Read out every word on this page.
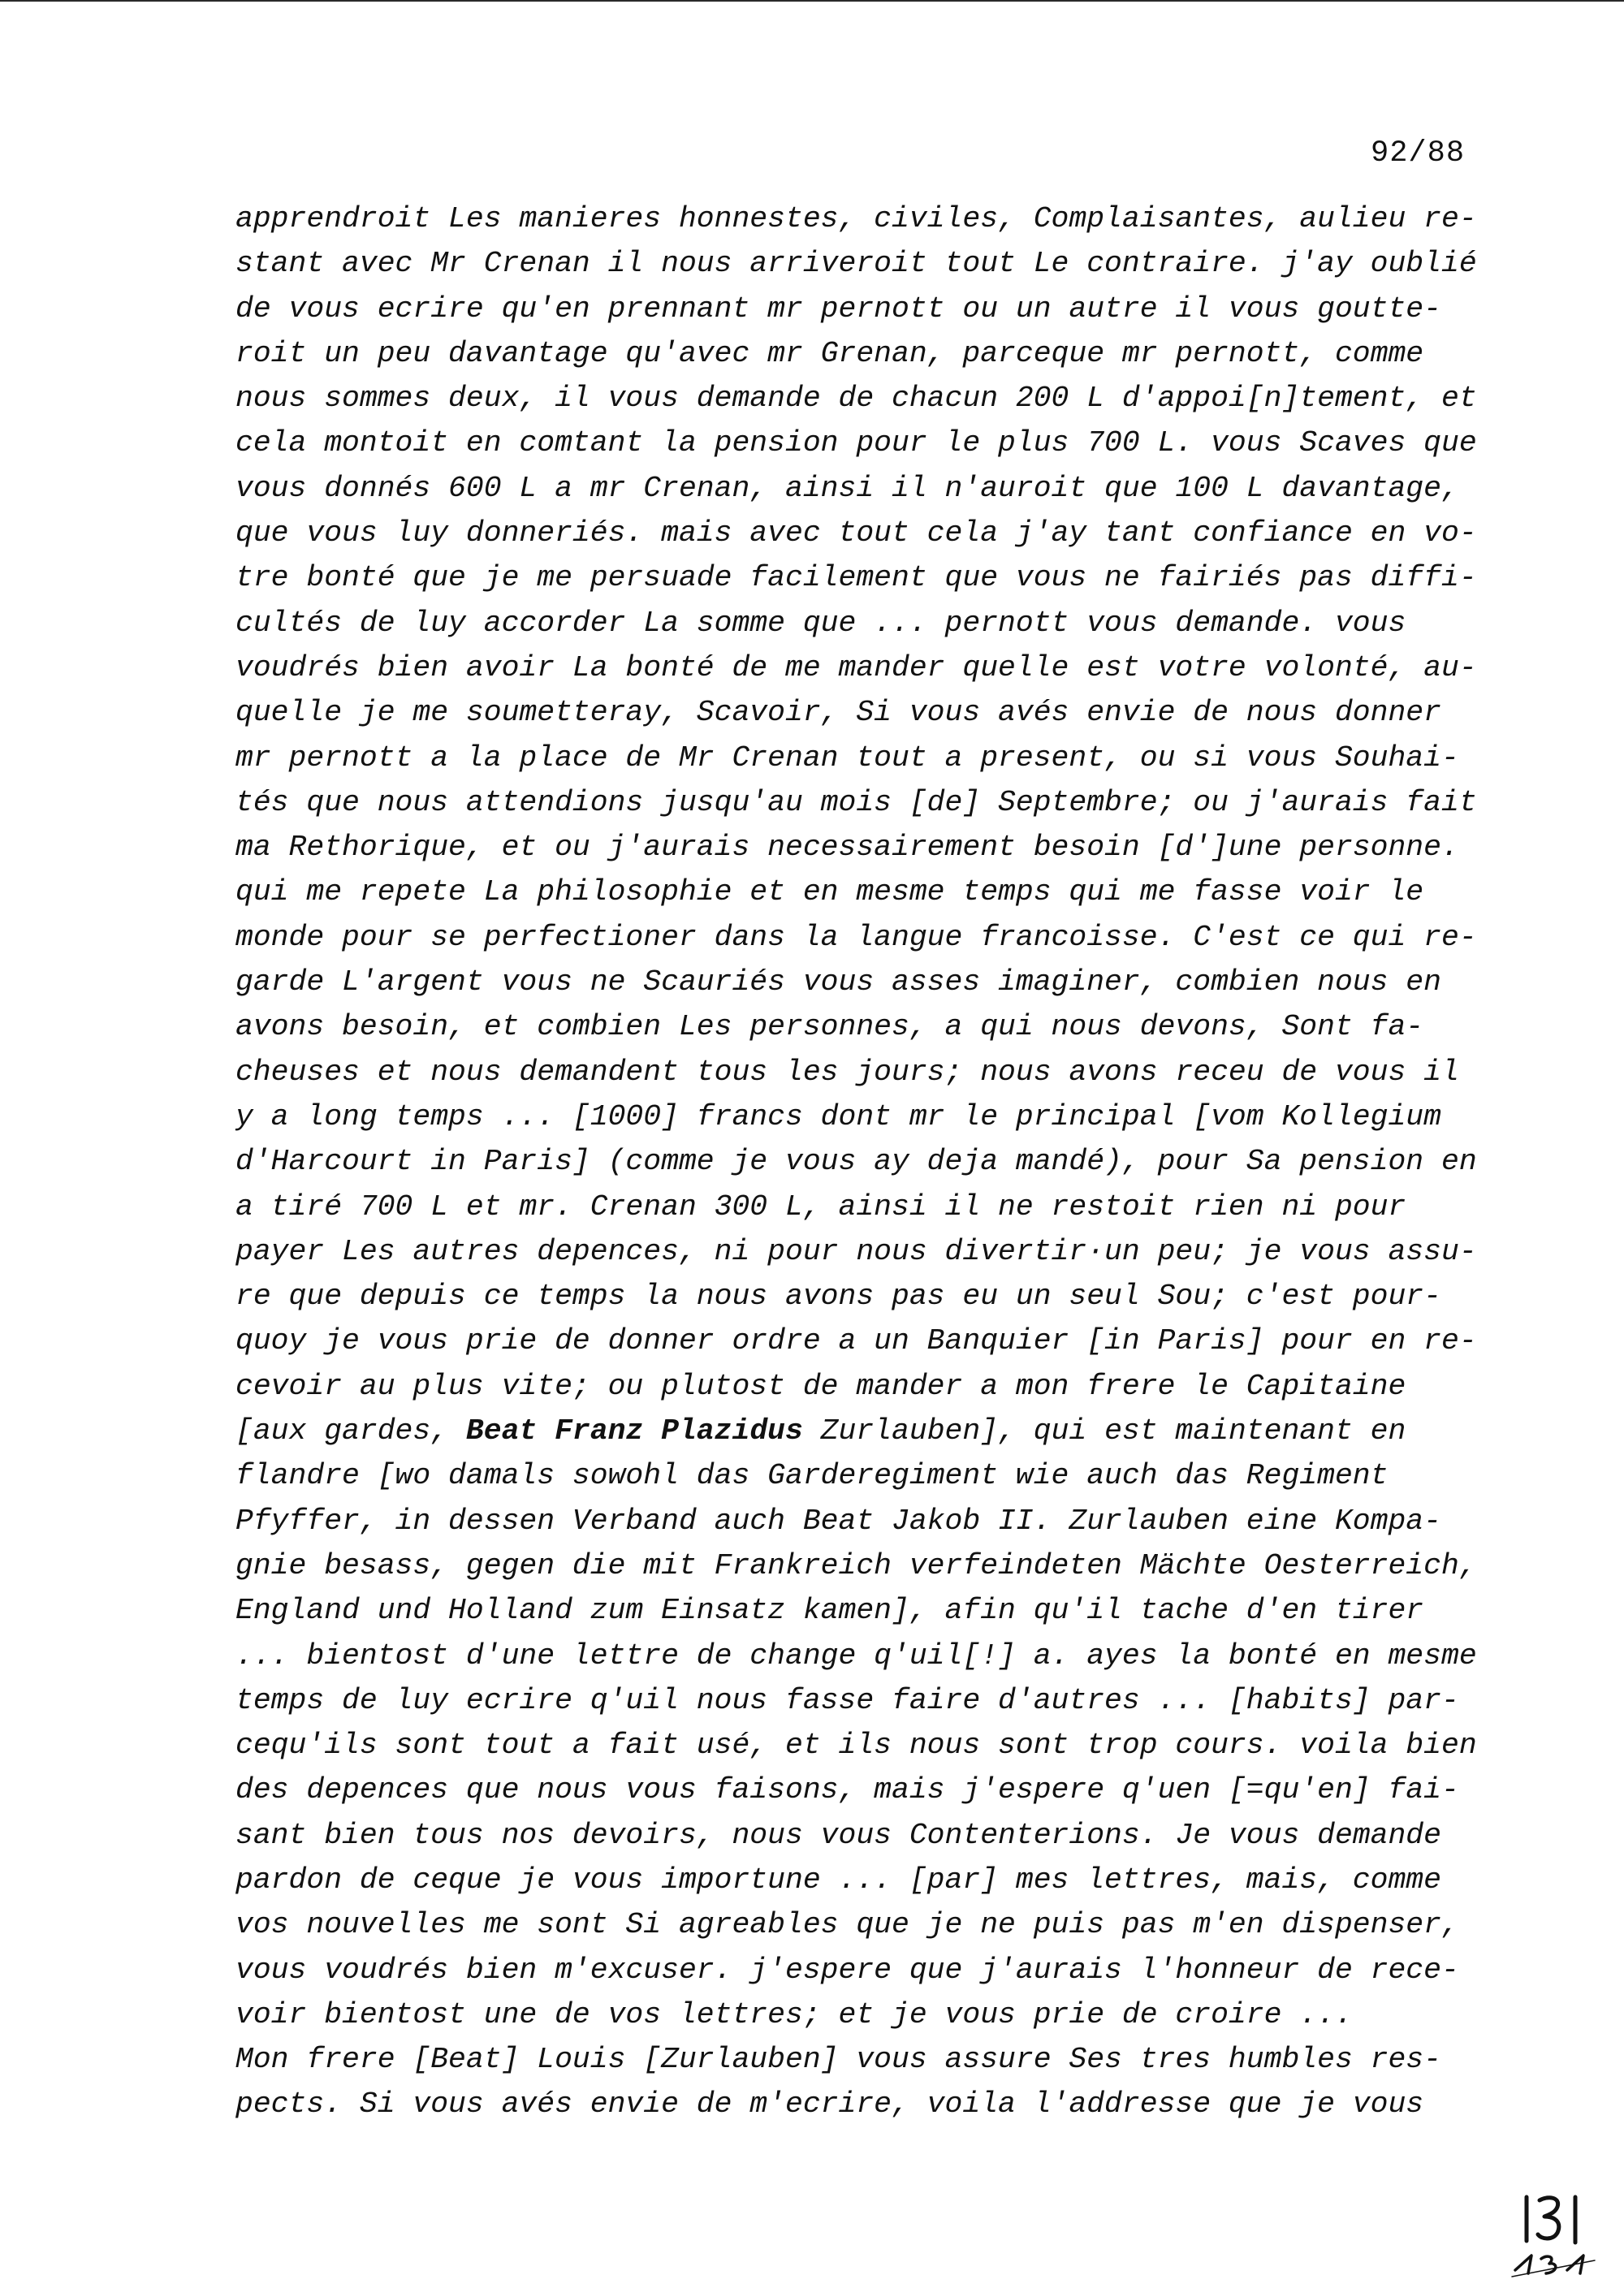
92/88
apprendroit Les manieres honnestes, civiles, Complaisantes, aulieu re-
stant avec Mr Crenan il nous arriveroit tout Le contraire. j'ay oublié
de vous ecrire qu'en prennant mr pernott ou un autre il vous goutte-
roit un peu davantage qu'avec mr Grenan, parceque mr pernott, comme
nous sommes deux, il vous demande de chacun 200 L d'appoi[n]tement, et
cela montoit en comtant la pension pour le plus 700 L. vous Scaves que
vous donnés 600 L a mr Crenan, ainsi il n'auroit que 100 L davantage,
que vous luy donneriés. mais avec tout cela j'ay tant confiance en vo-
tre bonté que je me persuade facilement que vous ne fairiés pas diffi-
cultés de luy accorder La somme que ... pernott vous demande. vous
voudrés bien avoir La bonté de me mander quelle est votre volonté, au-
quelle je me soumetteray, Scavoir, Si vous avés envie de nous donner
mr pernott a la place de Mr Crenan tout a present, ou si vous Souhai-
tés que nous attendions jusqu'au mois [de] Septembre; ou j'aurais fait
ma Rethorique, et ou j'aurais necessairement besoin [d']une personne.
qui me repete La philosophie et en mesme temps qui me fasse voir le
monde pour se perfectioner dans la langue francoisse. C'est ce qui re-
garde L'argent vous ne Scauriés vous asses imaginer, combien nous en
avons besoin, et combien Les personnes, a qui nous devons, Sont fa-
cheuses et nous demandent tous les jours; nous avons receu de vous il
y a long temps ... [1000] francs dont mr le principal [vom Kollegium
d'Harcourt in Paris] (comme je vous ay deja mandé), pour Sa pension en
a tiré 700 L et mr. Crenan 300 L, ainsi il ne restoit rien ni pour
payer Les autres depences, ni pour nous divertir·un peu; je vous assu-
re que depuis ce temps la nous avons pas eu un seul Sou; c'est pour-
quoy je vous prie de donner ordre a un Banquier [in Paris] pour en re-
cevoir au plus vite; ou plutost de mander a mon frere le Capitaine
[aux gardes, Beat Franz Plazidus Zurlauben], qui est maintenant en
flandre [wo damals sowohl das Garderegiment wie auch das Regiment
Pfyffer, in dessen Verband auch Beat Jakob II. Zurlauben eine Kompa-
gnie besass, gegen die mit Frankreich verfeindeten Mächte Oesterreich,
England und Holland zum Einsatz kamen], afin qu'il tache d'en tirer
... bientost d'une lettre de change q'uil[!] a. ayes la bonté en mesme
temps de luy ecrire q'uil nous fasse faire d'autres ... [habits] par-
cequ'ils sont tout a fait usé, et ils nous sont trop cours. voila bien
des depences que nous vous faisons, mais j'espere q'uen [=qu'en] fai-
sant bien tous nos devoirs, nous vous Contenterions. Je vous demande
pardon de ceque je vous importune ... [par] mes lettres, mais, comme
vos nouvelles me sont Si agreables que je ne puis pas m'en dispenser,
vous voudrés bien m'excuser. j'espere que j'aurais l'honneur de rece-
voir bientost une de vos lettres; et je vous prie de croire ...
Mon frere [Beat] Louis [Zurlauben] vous assure Ses tres humbles res-
pects. Si vous avés envie de m'ecrire, voila l'addresse que je vous
